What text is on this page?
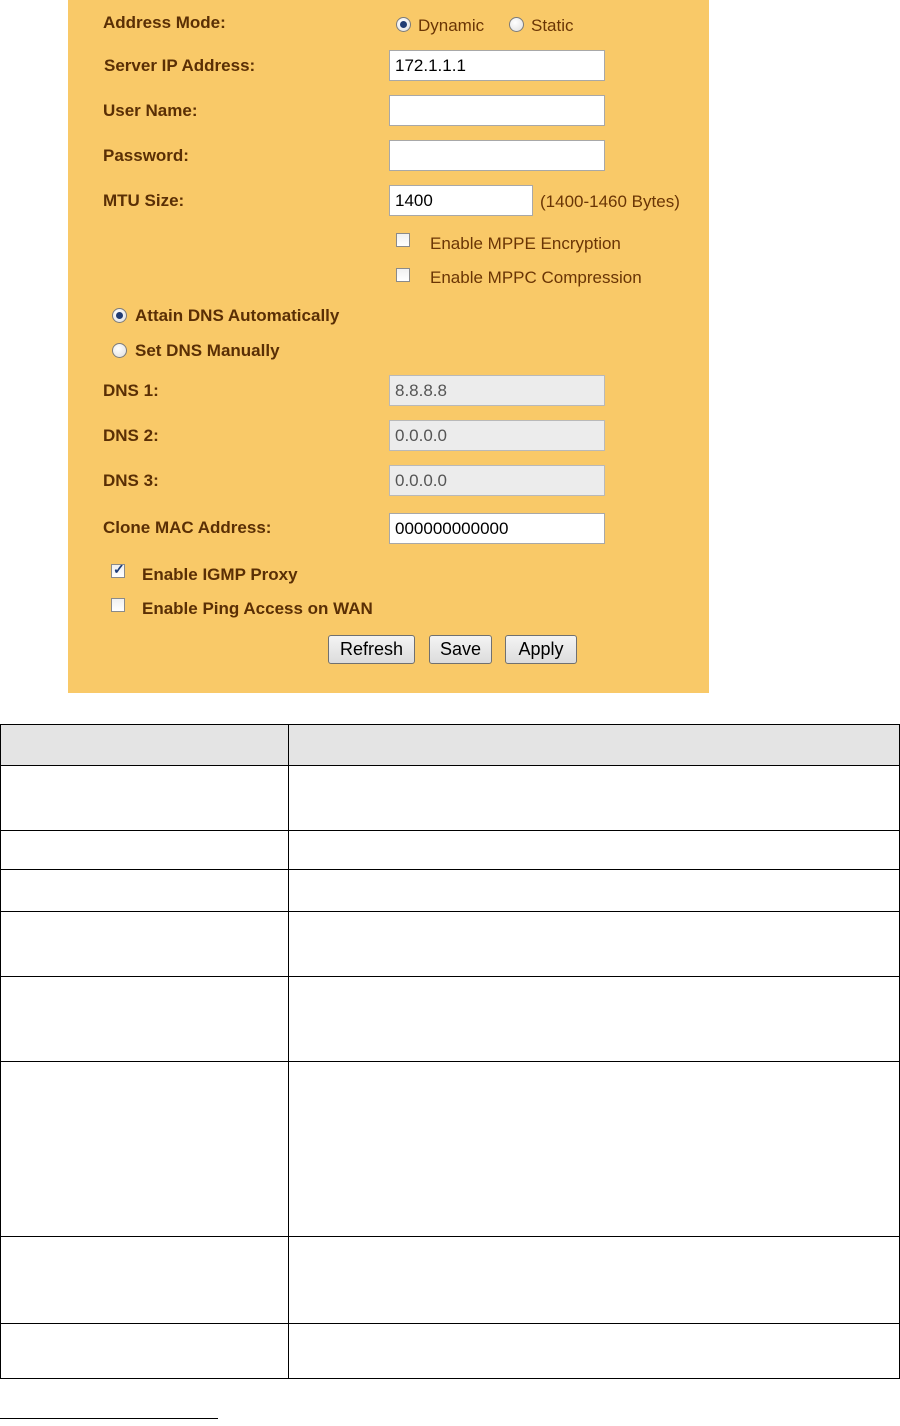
Address Mode:	Dynamic	Static
Server IP Address:
172.1.1.1
User Name:
Password:
MTU Size:
1400	(1400-1460 Bytes)
Enable MPPE Encryption
Enable MPPC Compression
Attain DNS Automatically
Set DNS Manually
DNS 1:
8.8.8.8
DNS 2:
0.0.0.0
DNS 3:
0.0.0.0
Clone MAC Address:
000000000000
✓ Enable IGMP Proxy
Enable Ping Access on WAN
Refresh	Save	Apply
